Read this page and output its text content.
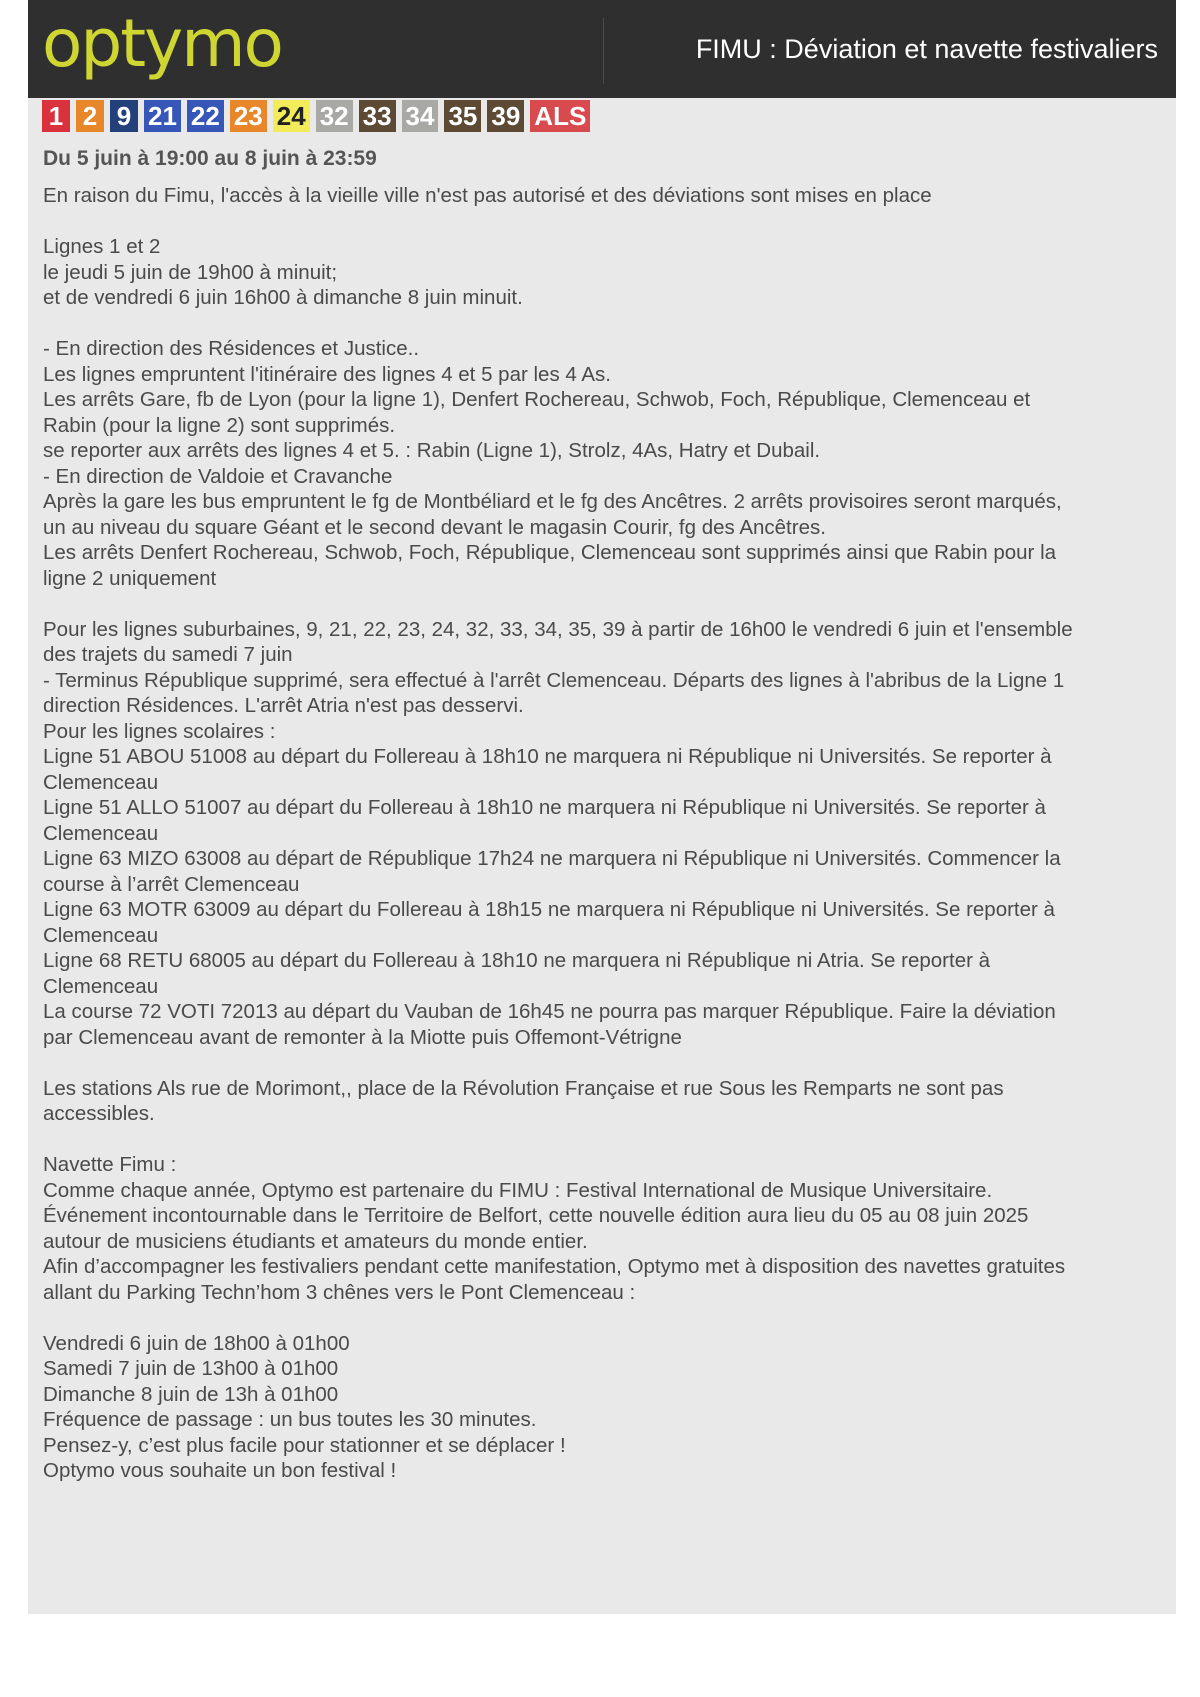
optymo	FIMU : Déviation et navette festivaliers
1 2 9 21 22 23 24 32 33 34 35 39 ALS
Du 5 juin à 19:00 au 8 juin à 23:59

En raison du Fimu, l'accès à la vieille ville n'est pas autorisé et des déviations sont mises en place

Lignes 1 et 2
le jeudi 5 juin de 19h00 à minuit;
et de vendredi 6 juin 16h00 à dimanche 8 juin minuit.

- En direction des Résidences et Justice..
Les lignes empruntent l'itinéraire des lignes 4 et 5 par les 4 As.
Les arrêts Gare, fb de Lyon (pour la ligne 1), Denfert Rochereau, Schwob, Foch, République, Clemenceau et
Rabin (pour la ligne 2) sont supprimés.
se reporter aux arrêts des lignes 4 et 5. : Rabin (Ligne 1), Strolz, 4As, Hatry et Dubail.
- En direction de Valdoie et Cravanche
Après la gare les bus empruntent le fg de Montbéliard et le fg des Ancêtres. 2 arrêts provisoires seront marqués,
un au niveau du square Géant et le second devant le magasin Courir, fg des Ancêtres.
Les arrêts Denfert Rochereau, Schwob, Foch, République, Clemenceau sont supprimés ainsi que Rabin pour la
ligne 2 uniquement

Pour les lignes suburbaines, 9, 21, 22, 23, 24, 32, 33, 34, 35, 39 à partir de 16h00 le vendredi 6 juin et l'ensemble
des trajets du samedi 7 juin
- Terminus République supprimé, sera effectué à l'arrêt Clemenceau. Départs des lignes à l'abribus de la Ligne 1
direction Résidences. L'arrêt Atria n'est pas desservi.
Pour les lignes scolaires :
Ligne 51 ABOU 51008 au départ du Follereau à 18h10 ne marquera ni République ni Universités. Se reporter à
Clemenceau
Ligne 51 ALLO 51007 au départ du Follereau à 18h10 ne marquera ni République ni Universités. Se reporter à
Clemenceau
Ligne 63 MIZO 63008 au départ de République 17h24 ne marquera ni République ni Universités. Commencer la
course à l’arrêt Clemenceau
Ligne 63 MOTR 63009 au départ du Follereau à 18h15 ne marquera ni République ni Universités. Se reporter à
Clemenceau
Ligne 68 RETU 68005 au départ du Follereau à 18h10 ne marquera ni République ni Atria. Se reporter à
Clemenceau
La course 72 VOTI 72013 au départ du Vauban de 16h45 ne pourra pas marquer République. Faire la déviation
par Clemenceau avant de remonter à la Miotte puis Offemont-Vétrigne

Les stations Als rue de Morimont,, place de la Révolution Française et rue Sous les Remparts ne sont pas
accessibles.

Navette Fimu :
Comme chaque année, Optymo est partenaire du FIMU : Festival International de Musique Universitaire.
Événement incontournable dans le Territoire de Belfort, cette nouvelle édition aura lieu du 05 au 08 juin 2025
autour de musiciens étudiants et amateurs du monde entier.
Afin d’accompagner les festivaliers pendant cette manifestation, Optymo met à disposition des navettes gratuites
allant du Parking Techn’hom 3 chênes vers le Pont Clemenceau :

Vendredi 6 juin de 18h00 à 01h00
Samedi 7 juin de 13h00 à 01h00
Dimanche 8 juin de 13h à 01h00
Fréquence de passage : un bus toutes les 30 minutes.
Pensez-y, c’est plus facile pour stationner et se déplacer !
Optymo vous souhaite un bon festival !
